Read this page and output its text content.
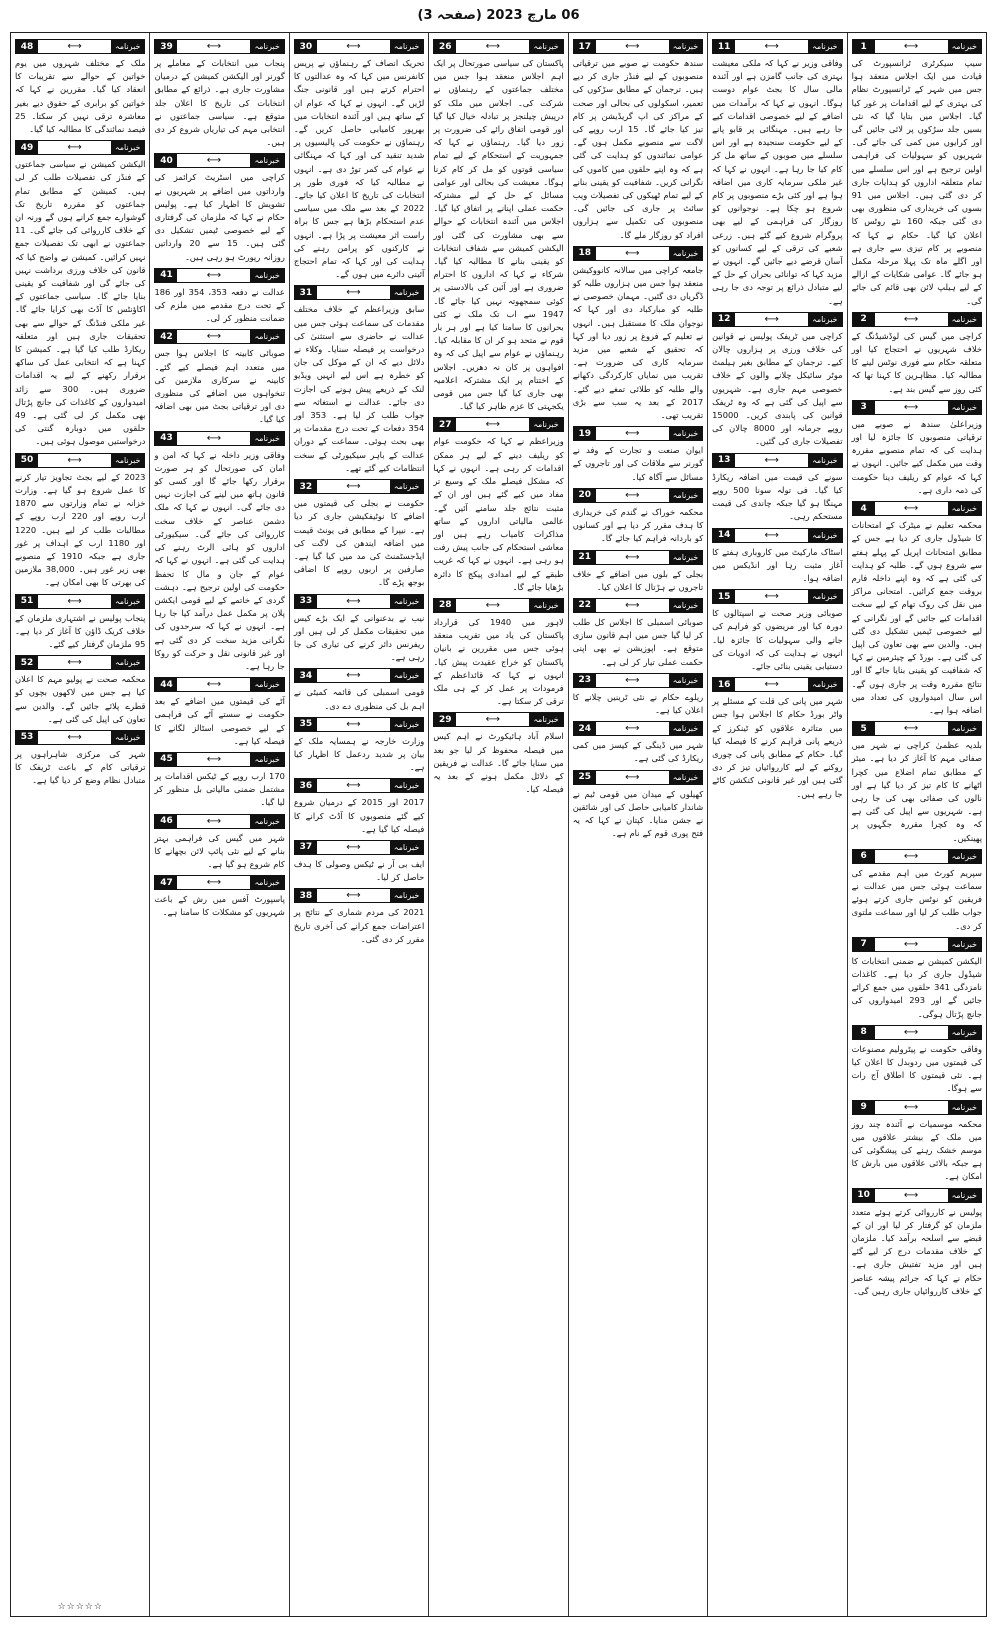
06 مارچ 2023 (صفحہ 3)
خبرنامہ
⟷
1
سیپ سیکرٹری ٹرانسپورٹ کی قیادت میں ایک اجلاس منعقد ہوا جس میں شہر کے ٹرانسپورٹ نظام کی بہتری کے لیے اقدامات پر غور کیا گیا۔ اجلاس میں بتایا گیا کہ نئی بسیں جلد سڑکوں پر لائی جائیں گی اور کرایوں میں کمی کی جائے گی۔ شہریوں کو سہولیات کی فراہمی اولین ترجیح ہے اور اس سلسلے میں تمام متعلقہ اداروں کو ہدایات جاری کر دی گئی ہیں۔ اجلاس میں 91 بسوں کی خریداری کی منظوری بھی دی گئی جبکہ 160 نئے روٹس کا اعلان کیا گیا۔ حکام نے کہا کہ منصوبے پر کام تیزی سے جاری ہے اور اگلے ماہ تک پہلا مرحلہ مکمل ہو جائے گا۔ عوامی شکایات کے ازالے کے لیے ہیلپ لائن بھی قائم کی جائے گی۔
خبرنامہ
⟷
2
کراچی میں گیس کی لوڈشیڈنگ کے خلاف شہریوں نے احتجاج کیا اور متعلقہ حکام سے فوری نوٹس لینے کا مطالبہ کیا۔ مظاہرین کا کہنا تھا کہ کئی روز سے گیس بند ہے۔
خبرنامہ
⟷
3
وزیراعلیٰ سندھ نے صوبے میں ترقیاتی منصوبوں کا جائزہ لیا اور ہدایت کی کہ تمام منصوبے مقررہ وقت میں مکمل کیے جائیں۔ انہوں نے کہا کہ عوام کو ریلیف دینا حکومت کی ذمہ داری ہے۔
خبرنامہ
⟷
4
محکمہ تعلیم نے میٹرک کے امتحانات کا شیڈول جاری کر دیا ہے جس کے مطابق امتحانات اپریل کے پہلے ہفتے سے شروع ہوں گے۔ طلبہ کو ہدایت کی گئی ہے کہ وہ اپنے داخلہ فارم بروقت جمع کرائیں۔ امتحانی مراکز میں نقل کی روک تھام کے لیے سخت اقدامات کیے جائیں گے اور نگرانی کے لیے خصوصی ٹیمیں تشکیل دی گئی ہیں۔ والدین سے بھی تعاون کی اپیل کی گئی ہے۔ بورڈ کے چیئرمین نے کہا کہ شفافیت کو یقینی بنایا جائے گا اور نتائج مقررہ وقت پر جاری ہوں گے۔ اس سال امیدواروں کی تعداد میں اضافہ ہوا ہے۔
خبرنامہ
⟷
5
بلدیہ عظمیٰ کراچی نے شہر میں صفائی مہم کا آغاز کر دیا ہے۔ میئر کے مطابق تمام اضلاع میں کچرا اٹھانے کا کام تیز کر دیا گیا ہے اور نالوں کی صفائی بھی کی جا رہی ہے۔ شہریوں سے اپیل کی گئی ہے کہ وہ کچرا مقررہ جگہوں پر پھینکیں۔
خبرنامہ
⟷
6
سپریم کورٹ میں اہم مقدمے کی سماعت ہوئی جس میں عدالت نے فریقین کو نوٹس جاری کرتے ہوئے جواب طلب کر لیا اور سماعت ملتوی کر دی۔
خبرنامہ
⟷
7
الیکشن کمیشن نے ضمنی انتخابات کا شیڈول جاری کر دیا ہے۔ کاغذات نامزدگی 341 حلقوں میں جمع کرائے جائیں گے اور 293 امیدواروں کی جانچ پڑتال ہوگی۔
خبرنامہ
⟷
8
وفاقی حکومت نے پیٹرولیم مصنوعات کی قیمتوں میں ردوبدل کا اعلان کیا ہے۔ نئی قیمتوں کا اطلاق آج رات سے ہوگا۔
خبرنامہ
⟷
9
محکمہ موسمیات نے آئندہ چند روز میں ملک کے بیشتر علاقوں میں موسم خشک رہنے کی پیشگوئی کی ہے جبکہ بالائی علاقوں میں بارش کا امکان ہے۔
خبرنامہ
⟷
10
پولیس نے کارروائی کرتے ہوئے متعدد ملزمان کو گرفتار کر لیا اور ان کے قبضے سے اسلحہ برآمد کیا۔ ملزمان کے خلاف مقدمات درج کر لیے گئے ہیں اور مزید تفتیش جاری ہے۔ حکام نے کہا کہ جرائم پیشہ عناصر کے خلاف کارروائیاں جاری رہیں گی۔
خبرنامہ
⟷
11
وفاقی وزیر نے کہا کہ ملکی معیشت بہتری کی جانب گامزن ہے اور آئندہ مالی سال کا بجٹ عوام دوست ہوگا۔ انہوں نے کہا کہ برآمدات میں اضافے کے لیے خصوصی اقدامات کیے جا رہے ہیں۔ مہنگائی پر قابو پانے کے لیے حکومت سنجیدہ ہے اور اس سلسلے میں صوبوں کے ساتھ مل کر کام کیا جا رہا ہے۔ انہوں نے کہا کہ غیر ملکی سرمایہ کاری میں اضافہ ہوا ہے اور کئی بڑے منصوبوں پر کام شروع ہو چکا ہے۔ نوجوانوں کو روزگار کی فراہمی کے لیے بھی پروگرام شروع کیے گئے ہیں۔ زرعی شعبے کی ترقی کے لیے کسانوں کو آسان قرضے دیے جائیں گے۔ انہوں نے مزید کہا کہ توانائی بحران کے حل کے لیے متبادل ذرائع پر توجہ دی جا رہی ہے۔
خبرنامہ
⟷
12
کراچی میں ٹریفک پولیس نے قوانین کی خلاف ورزی پر ہزاروں چالان کیے۔ ترجمان کے مطابق بغیر ہیلمٹ موٹر سائیکل چلانے والوں کے خلاف خصوصی مہم جاری ہے۔ شہریوں سے اپیل کی گئی ہے کہ وہ ٹریفک قوانین کی پابندی کریں۔ 15000 روپے جرمانہ اور 8000 چالان کی تفصیلات جاری کی گئیں۔
خبرنامہ
⟷
13
سونے کی قیمت میں اضافہ ریکارڈ کیا گیا۔ فی تولہ سونا 500 روپے مہنگا ہو گیا جبکہ چاندی کی قیمت مستحکم رہی۔
خبرنامہ
⟷
14
اسٹاک مارکیٹ میں کاروباری ہفتے کا آغاز مثبت رہا اور انڈیکس میں اضافہ ہوا۔
خبرنامہ
⟷
15
صوبائی وزیر صحت نے اسپتالوں کا دورہ کیا اور مریضوں کو فراہم کی جانے والی سہولیات کا جائزہ لیا۔ انہوں نے ہدایت کی کہ ادویات کی دستیابی یقینی بنائی جائے۔
خبرنامہ
⟷
16
شہر میں پانی کی قلت کے مسئلے پر واٹر بورڈ حکام کا اجلاس ہوا جس میں متاثرہ علاقوں کو ٹینکرز کے ذریعے پانی فراہم کرنے کا فیصلہ کیا گیا۔ حکام کے مطابق پانی کی چوری روکنے کے لیے کارروائیاں تیز کر دی گئی ہیں اور غیر قانونی کنکشن کاٹے جا رہے ہیں۔
خبرنامہ
⟷
17
سندھ حکومت نے صوبے میں ترقیاتی منصوبوں کے لیے فنڈز جاری کر دیے ہیں۔ ترجمان کے مطابق سڑکوں کی تعمیر، اسکولوں کی بحالی اور صحت کے مراکز کی اپ گریڈیشن پر کام تیز کیا جائے گا۔ 15 ارب روپے کی لاگت سے منصوبے مکمل ہوں گے۔ عوامی نمائندوں کو ہدایت کی گئی ہے کہ وہ اپنے حلقوں میں کاموں کی نگرانی کریں۔ شفافیت کو یقینی بنانے کے لیے تمام ٹھیکوں کی تفصیلات ویب سائٹ پر جاری کی جائیں گی۔ منصوبوں کی تکمیل سے ہزاروں افراد کو روزگار ملے گا۔
خبرنامہ
⟷
18
جامعہ کراچی میں سالانہ کانووکیشن منعقد ہوا جس میں ہزاروں طلبہ کو ڈگریاں دی گئیں۔ مہمان خصوصی نے طلبہ کو مبارکباد دی اور کہا کہ نوجوان ملک کا مستقبل ہیں۔ انہوں نے تعلیم کے فروغ پر زور دیا اور کہا کہ تحقیق کے شعبے میں مزید سرمایہ کاری کی ضرورت ہے۔ تقریب میں نمایاں کارکردگی دکھانے والے طلبہ کو طلائی تمغے دیے گئے۔ 2017 کے بعد یہ سب سے بڑی تقریب تھی۔
خبرنامہ
⟷
19
ایوان صنعت و تجارت کے وفد نے گورنر سے ملاقات کی اور تاجروں کے مسائل سے آگاہ کیا۔
خبرنامہ
⟷
20
محکمہ خوراک نے گندم کی خریداری کا ہدف مقرر کر دیا ہے اور کسانوں کو باردانہ فراہم کیا جائے گا۔
خبرنامہ
⟷
21
بجلی کے بلوں میں اضافے کے خلاف تاجروں نے ہڑتال کا اعلان کیا۔
خبرنامہ
⟷
22
صوبائی اسمبلی کا اجلاس کل طلب کر لیا گیا جس میں اہم قانون سازی متوقع ہے۔ اپوزیشن نے بھی اپنی حکمت عملی تیار کر لی ہے۔
خبرنامہ
⟷
23
ریلوے حکام نے نئی ٹرینیں چلانے کا اعلان کیا ہے۔
خبرنامہ
⟷
24
شہر میں ڈینگی کے کیسز میں کمی ریکارڈ کی گئی ہے۔
خبرنامہ
⟷
25
کھیلوں کے میدان میں قومی ٹیم نے شاندار کامیابی حاصل کی اور شائقین نے جشن منایا۔ کپتان نے کہا کہ یہ فتح پوری قوم کے نام ہے۔
خبرنامہ
⟷
26
پاکستان کی سیاسی صورتحال پر ایک اہم اجلاس منعقد ہوا جس میں مختلف جماعتوں کے رہنماؤں نے شرکت کی۔ اجلاس میں ملک کو درپیش چیلنجز پر تبادلہ خیال کیا گیا اور قومی اتفاق رائے کی ضرورت پر زور دیا گیا۔ رہنماؤں نے کہا کہ جمہوریت کے استحکام کے لیے تمام سیاسی قوتوں کو مل کر کام کرنا ہوگا۔ معیشت کی بحالی اور عوامی مسائل کے حل کے لیے مشترکہ حکمت عملی اپنانے پر اتفاق کیا گیا۔ اجلاس میں آئندہ انتخابات کے حوالے سے بھی مشاورت کی گئی اور الیکشن کمیشن سے شفاف انتخابات کو یقینی بنانے کا مطالبہ کیا گیا۔ شرکاء نے کہا کہ اداروں کا احترام ضروری ہے اور آئین کی بالادستی پر کوئی سمجھوتہ نہیں کیا جائے گا۔ 1947 سے اب تک ملک نے کئی بحرانوں کا سامنا کیا ہے اور ہر بار قوم نے متحد ہو کر ان کا مقابلہ کیا۔ رہنماؤں نے عوام سے اپیل کی کہ وہ افواہوں پر کان نہ دھریں۔ اجلاس کے اختتام پر ایک مشترکہ اعلامیہ بھی جاری کیا گیا جس میں قومی یکجہتی کا عزم ظاہر کیا گیا۔
خبرنامہ
⟷
27
وزیراعظم نے کہا کہ حکومت عوام کو ریلیف دینے کے لیے ہر ممکن اقدامات کر رہی ہے۔ انہوں نے کہا کہ مشکل فیصلے ملک کے وسیع تر مفاد میں کیے گئے ہیں اور ان کے مثبت نتائج جلد سامنے آئیں گے۔ عالمی مالیاتی اداروں کے ساتھ مذاکرات کامیاب رہے ہیں اور معاشی استحکام کی جانب پیش رفت ہو رہی ہے۔ انہوں نے کہا کہ غریب طبقے کے لیے امدادی پیکج کا دائرہ بڑھایا جائے گا۔
خبرنامہ
⟷
28
لاہور میں 1940 کی قرارداد پاکستان کی یاد میں تقریب منعقد ہوئی جس میں مقررین نے بانیان پاکستان کو خراج عقیدت پیش کیا۔ انہوں نے کہا کہ قائداعظم کے فرمودات پر عمل کر کے ہی ملک ترقی کر سکتا ہے۔
خبرنامہ
⟷
29
اسلام آباد ہائیکورٹ نے اہم کیس میں فیصلہ محفوظ کر لیا جو بعد میں سنایا جائے گا۔ عدالت نے فریقین کے دلائل مکمل ہونے کے بعد یہ فیصلہ کیا۔
خبرنامہ
⟷
30
تحریک انصاف کے رہنماؤں نے پریس کانفرنس میں کہا کہ وہ عدالتوں کا احترام کرتے ہیں اور قانونی جنگ لڑیں گے۔ انہوں نے کہا کہ عوام ان کے ساتھ ہیں اور آئندہ انتخابات میں بھرپور کامیابی حاصل کریں گے۔ رہنماؤں نے حکومت کی پالیسیوں پر شدید تنقید کی اور کہا کہ مہنگائی نے عوام کی کمر توڑ دی ہے۔ انہوں نے مطالبہ کیا کہ فوری طور پر انتخابات کی تاریخ کا اعلان کیا جائے۔ 2022 کے بعد سے ملک میں سیاسی عدم استحکام بڑھا ہے جس کا براہ راست اثر معیشت پر پڑا ہے۔ انہوں نے کارکنوں کو پرامن رہنے کی ہدایت کی اور کہا کہ تمام احتجاج آئینی دائرے میں ہوں گے۔
خبرنامہ
⟷
31
سابق وزیراعظم کے خلاف مختلف مقدمات کی سماعت ہوئی جس میں عدالت نے حاضری سے استثنیٰ کی درخواست پر فیصلہ سنایا۔ وکلاء نے دلائل دیے کہ ان کے موکل کی جان کو خطرہ ہے اس لیے انہیں ویڈیو لنک کے ذریعے پیش ہونے کی اجازت دی جائے۔ عدالت نے استغاثہ سے جواب طلب کر لیا ہے۔ 353 اور 354 دفعات کے تحت درج مقدمات پر بھی بحث ہوئی۔ سماعت کے دوران عدالت کے باہر سیکیورٹی کے سخت انتظامات کیے گئے تھے۔
خبرنامہ
⟷
32
حکومت نے بجلی کی قیمتوں میں اضافے کا نوٹیفکیشن جاری کر دیا ہے۔ نیپرا کے مطابق فی یونٹ قیمت میں اضافہ ایندھن کی لاگت کی ایڈجسٹمنٹ کی مد میں کیا گیا ہے۔ صارفین پر اربوں روپے کا اضافی بوجھ پڑے گا۔
خبرنامہ
⟷
33
نیب نے بدعنوانی کے ایک بڑے کیس میں تحقیقات مکمل کر لی ہیں اور ریفرنس دائر کرنے کی تیاری کی جا رہی ہے۔
خبرنامہ
⟷
34
قومی اسمبلی کی قائمہ کمیٹی نے اہم بل کی منظوری دے دی۔
خبرنامہ
⟷
35
وزارت خارجہ نے ہمسایہ ملک کے بیان پر شدید ردعمل کا اظہار کیا ہے۔
خبرنامہ
⟷
36
2017 اور 2015 کے درمیان شروع کیے گئے منصوبوں کا آڈٹ کرانے کا فیصلہ کیا گیا ہے۔
خبرنامہ
⟷
37
ایف بی آر نے ٹیکس وصولی کا ہدف حاصل کر لیا۔
خبرنامہ
⟷
38
2021 کی مردم شماری کے نتائج پر اعتراضات جمع کرانے کی آخری تاریخ مقرر کر دی گئی۔
خبرنامہ
⟷
39
پنجاب میں انتخابات کے معاملے پر گورنر اور الیکشن کمیشن کے درمیان مشاورت جاری ہے۔ ذرائع کے مطابق انتخابات کی تاریخ کا اعلان جلد متوقع ہے۔ سیاسی جماعتوں نے انتخابی مہم کی تیاریاں شروع کر دی ہیں۔
خبرنامہ
⟷
40
کراچی میں اسٹریٹ کرائمز کی وارداتوں میں اضافے پر شہریوں نے تشویش کا اظہار کیا ہے۔ پولیس حکام نے کہا کہ ملزمان کی گرفتاری کے لیے خصوصی ٹیمیں تشکیل دی گئی ہیں۔ 15 سے 20 وارداتیں روزانہ رپورٹ ہو رہی ہیں۔
خبرنامہ
⟷
41
عدالت نے دفعہ 353، 354 اور 186 کے تحت درج مقدمے میں ملزم کی ضمانت منظور کر لی۔
خبرنامہ
⟷
42
صوبائی کابینہ کا اجلاس ہوا جس میں متعدد اہم فیصلے کیے گئے۔ کابینہ نے سرکاری ملازمین کی تنخواہوں میں اضافے کی منظوری دی اور ترقیاتی بجٹ میں بھی اضافہ کیا گیا۔
خبرنامہ
⟷
43
وفاقی وزیر داخلہ نے کہا کہ امن و امان کی صورتحال کو ہر صورت برقرار رکھا جائے گا اور کسی کو قانون ہاتھ میں لینے کی اجازت نہیں دی جائے گی۔ انہوں نے کہا کہ ملک دشمن عناصر کے خلاف سخت کارروائی کی جائے گی۔ سیکیورٹی اداروں کو ہائی الرٹ رہنے کی ہدایت کی گئی ہے۔ انہوں نے کہا کہ عوام کے جان و مال کا تحفظ حکومت کی اولین ترجیح ہے۔ دہشت گردی کے خاتمے کے لیے قومی ایکشن پلان پر مکمل عمل درآمد کیا جا رہا ہے۔ انہوں نے کہا کہ سرحدوں کی نگرانی مزید سخت کر دی گئی ہے اور غیر قانونی نقل و حرکت کو روکا جا رہا ہے۔
خبرنامہ
⟷
44
آٹے کی قیمتوں میں اضافے کے بعد حکومت نے سستے آٹے کی فراہمی کے لیے خصوصی اسٹالز لگانے کا فیصلہ کیا ہے۔
خبرنامہ
⟷
45
170 ارب روپے کے ٹیکس اقدامات پر مشتمل ضمنی مالیاتی بل منظور کر لیا گیا۔
خبرنامہ
⟷
46
شہر میں گیس کی فراہمی بہتر بنانے کے لیے نئی پائپ لائن بچھانے کا کام شروع ہو گیا ہے۔
خبرنامہ
⟷
47
پاسپورٹ آفس میں رش کے باعث شہریوں کو مشکلات کا سامنا ہے۔
خبرنامہ
⟷
48
ملک کے مختلف شہروں میں یوم خواتین کے حوالے سے تقریبات کا انعقاد کیا گیا۔ مقررین نے کہا کہ خواتین کو برابری کے حقوق دیے بغیر معاشرہ ترقی نہیں کر سکتا۔ 25 فیصد نمائندگی کا مطالبہ کیا گیا۔
خبرنامہ
⟷
49
الیکشن کمیشن نے سیاسی جماعتوں کے فنڈز کی تفصیلات طلب کر لی ہیں۔ کمیشن کے مطابق تمام جماعتوں کو مقررہ تاریخ تک گوشوارے جمع کرانے ہوں گے ورنہ ان کے خلاف کارروائی کی جائے گی۔ 11 جماعتوں نے ابھی تک تفصیلات جمع نہیں کرائیں۔ کمیشن نے واضح کیا کہ قانون کی خلاف ورزی برداشت نہیں کی جائے گی اور شفافیت کو یقینی بنایا جائے گا۔ سیاسی جماعتوں کے اکاؤنٹس کا آڈٹ بھی کرایا جائے گا۔ غیر ملکی فنڈنگ کے حوالے سے بھی تحقیقات جاری ہیں اور متعلقہ ریکارڈ طلب کیا گیا ہے۔ کمیشن کا کہنا ہے کہ انتخابی عمل کی ساکھ برقرار رکھنے کے لیے یہ اقدامات ضروری ہیں۔ 300 سے زائد امیدواروں کے کاغذات کی جانچ پڑتال بھی مکمل کر لی گئی ہے۔ 49 حلقوں میں دوبارہ گنتی کی درخواستیں موصول ہوئی ہیں۔
خبرنامہ
⟷
50
2023 کے لیے بجٹ تجاویز تیار کرنے کا عمل شروع ہو گیا ہے۔ وزارت خزانہ نے تمام وزارتوں سے 1870 ارب روپے اور 220 ارب روپے کے مطالبات طلب کر لیے ہیں۔ 1220 اور 1180 ارب کے اہداف پر غور جاری ہے جبکہ 1910 کے منصوبے بھی زیر غور ہیں۔ 38,000 ملازمین کی بھرتی کا بھی امکان ہے۔
خبرنامہ
⟷
51
پنجاب پولیس نے اشتہاری ملزمان کے خلاف کریک ڈاؤن کا آغاز کر دیا ہے۔ 95 ملزمان گرفتار کیے گئے۔
خبرنامہ
⟷
52
محکمہ صحت نے پولیو مہم کا اعلان کیا ہے جس میں لاکھوں بچوں کو قطرے پلائے جائیں گے۔ والدین سے تعاون کی اپیل کی گئی ہے۔
خبرنامہ
⟷
53
شہر کی مرکزی شاہراہوں پر ترقیاتی کام کے باعث ٹریفک کا متبادل نظام وضع کر دیا گیا ہے۔
☆☆☆☆☆
